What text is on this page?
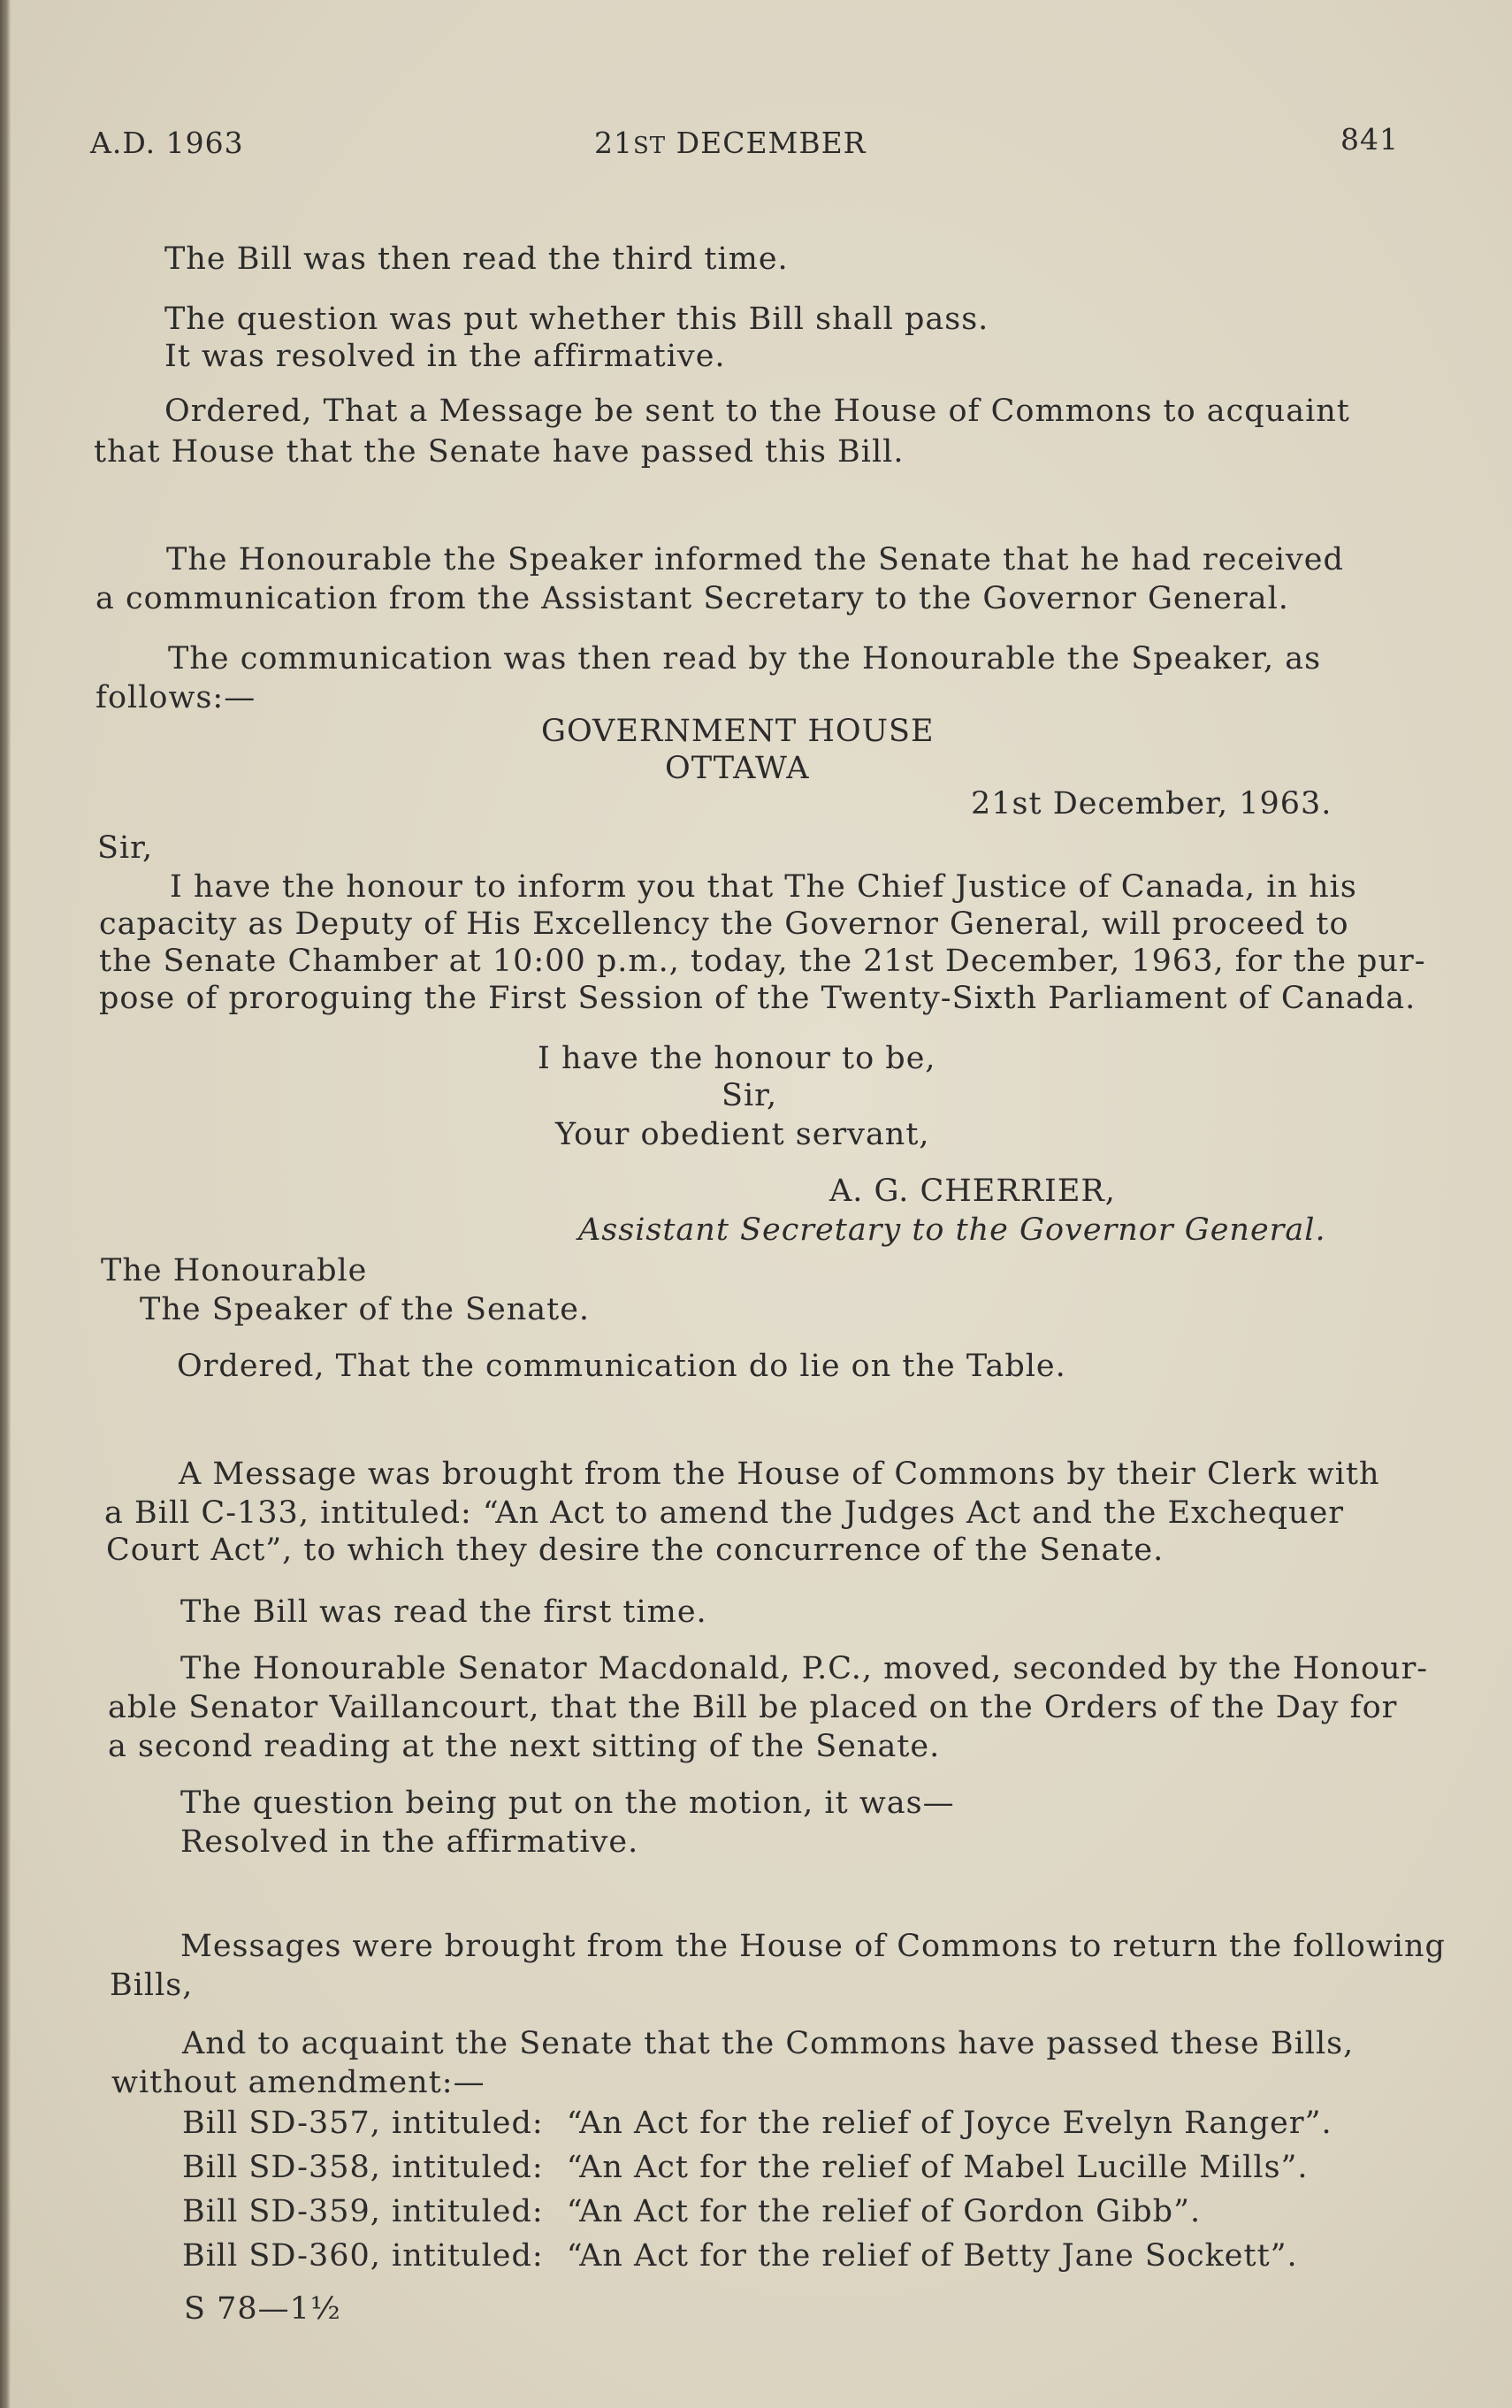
A.D. 1963	21ST DECEMBER	841
The Bill was then read the third time.
The question was put whether this Bill shall pass.
It was resolved in the affirmative.
Ordered, That a Message be sent to the House of Commons to acquaint
that House that the Senate have passed this Bill.
The Honourable the Speaker informed the Senate that he had received
a communication from the Assistant Secretary to the Governor General.
The communication was then read by the Honourable the Speaker, as
follows:—
GOVERNMENT HOUSE
OTTAWA
21st December, 1963.
Sir,
I have the honour to inform you that The Chief Justice of Canada, in his
capacity as Deputy of His Excellency the Governor General, will proceed to
the Senate Chamber at 10:00 p.m., today, the 21st December, 1963, for the pur-
pose of proroguing the First Session of the Twenty-Sixth Parliament of Canada.
I have the honour to be,
Sir,
Your obedient servant,
A. G. CHERRIER,
Assistant Secretary to the Governor General.
The Honourable
The Speaker of the Senate.
Ordered, That the communication do lie on the Table.
A Message was brought from the House of Commons by their Clerk with
a Bill C-133, intituled: “An Act to amend the Judges Act and the Exchequer
Court Act”, to which they desire the concurrence of the Senate.
The Bill was read the first time.
The Honourable Senator Macdonald, P.C., moved, seconded by the Honour-
able Senator Vaillancourt, that the Bill be placed on the Orders of the Day for
a second reading at the next sitting of the Senate.
The question being put on the motion, it was—
Resolved in the affirmative.
Messages were brought from the House of Commons to return the following
Bills,
And to acquaint the Senate that the Commons have passed these Bills,
without amendment:—
Bill SD-357, intituled: “An Act for the relief of Joyce Evelyn Ranger”.
Bill SD-358, intituled: “An Act for the relief of Mabel Lucille Mills”.
Bill SD-359, intituled: “An Act for the relief of Gordon Gibb”.
Bill SD-360, intituled: “An Act for the relief of Betty Jane Sockett”.
S 78—1½
